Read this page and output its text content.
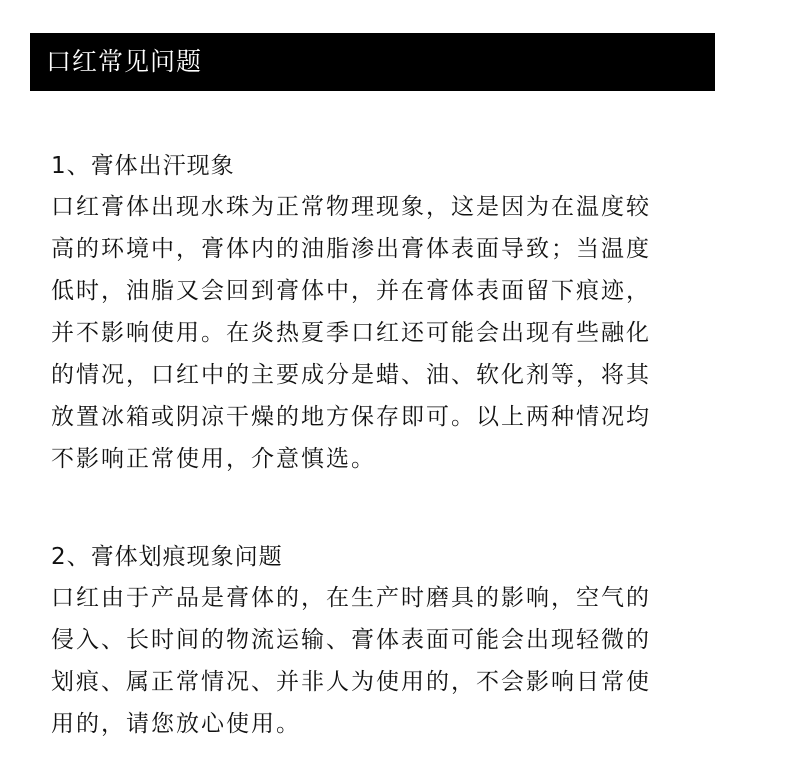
口红常见问题
1、膏体出汗现象
口红膏体出现水珠为正常物理现象，这是因为在温度较
高的环境中，膏体内的油脂渗出膏体表面导致；当温度
低时，油脂又会回到膏体中，并在膏体表面留下痕迹，
并不影响使用。在炎热夏季口红还可能会出现有些融化
的情况，口红中的主要成分是蜡、油、软化剂等，将其
放置冰箱或阴凉干燥的地方保存即可。以上两种情况均
不影响正常使用，介意慎选。
2、膏体划痕现象问题
口红由于产品是膏体的，在生产时磨具的影响，空气的
侵入、长时间的物流运输、膏体表面可能会出现轻微的
划痕、属正常情况、并非人为使用的，不会影响日常使
用的，请您放心使用。
